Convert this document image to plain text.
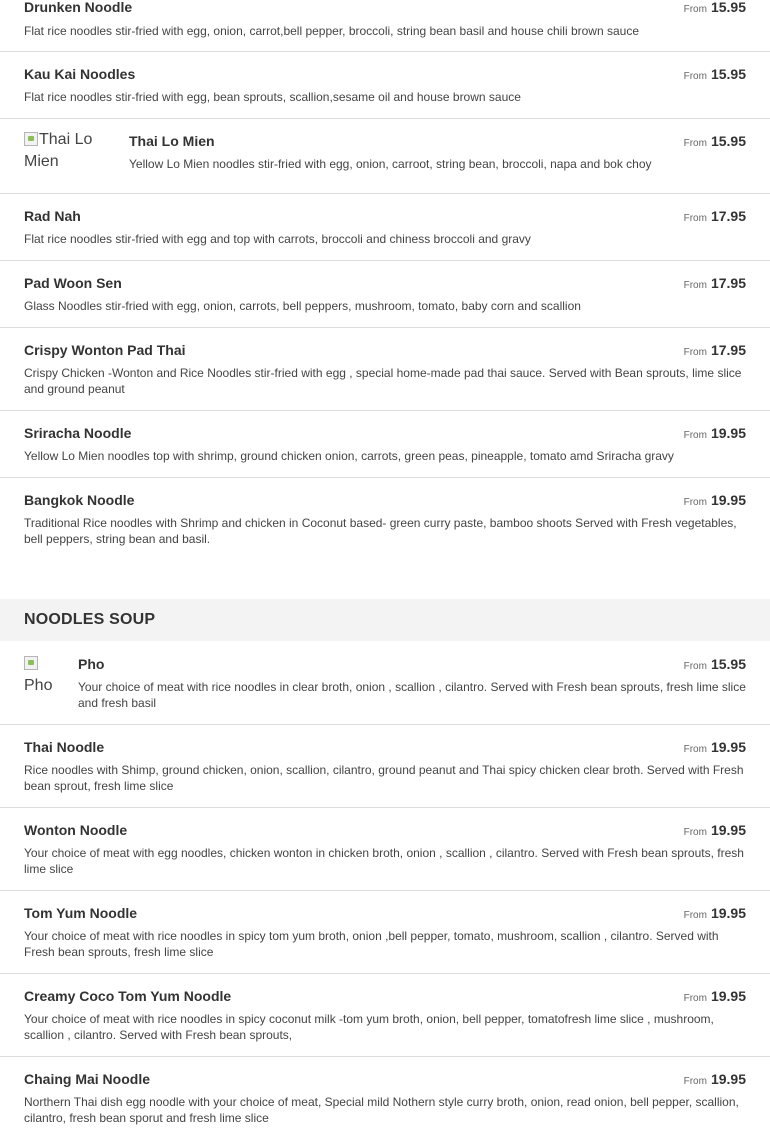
Drunken Noodle	From 15.95
Flat rice noodles stir-fried with egg, onion, carrot,bell pepper, broccoli, string bean basil and house chili brown sauce
Kau Kai Noodles	From 15.95
Flat rice noodles stir-fried with egg, bean sprouts, scallion,sesame oil and house brown sauce
Thai Lo Mien
Thai Lo Mien	From 15.95
Yellow Lo Mien noodles stir-fried with egg, onion, carroot, string bean, broccoli, napa and bok choy
Rad Nah	From 17.95
Flat rice noodles stir-fried with egg and top with carrots, broccoli and chiness broccoli and gravy
Pad Woon Sen	From 17.95
Glass Noodles stir-fried with egg, onion, carrots, bell peppers, mushroom, tomato, baby corn and scallion
Crispy Wonton Pad Thai	From 17.95
Crispy Chicken -Wonton and Rice Noodles stir-fried with egg , special home-made pad thai sauce. Served with Bean sprouts, lime slice and ground peanut
Sriracha Noodle	From 19.95
Yellow Lo Mien noodles top with shrimp, ground chicken onion, carrots, green peas, pineapple, tomato amd Sriracha gravy
Bangkok Noodle	From 19.95
Traditional Rice noodles with Shrimp and chicken in Coconut based- green curry paste, bamboo shoots Served with Fresh vegetables, bell peppers, string bean and basil.
NOODLES SOUP
Pho
Pho	From 15.95
Your choice of meat with rice noodles in clear broth, onion , scallion , cilantro. Served with Fresh bean sprouts, fresh lime slice and fresh basil
Thai Noodle	From 19.95
Rice noodles with Shimp, ground chicken, onion, scallion, cilantro, ground peanut and Thai spicy chicken clear broth. Served with Fresh bean sprout, fresh lime slice
Wonton Noodle	From 19.95
Your choice of meat with egg noodles, chicken wonton in chicken broth, onion , scallion , cilantro. Served with Fresh bean sprouts, fresh lime slice
Tom Yum Noodle	From 19.95
Your choice of meat with rice noodles in spicy tom yum broth, onion ,bell pepper, tomato, mushroom, scallion , cilantro. Served with Fresh bean sprouts, fresh lime slice
Creamy Coco Tom Yum Noodle	From 19.95
Your choice of meat with rice noodles in spicy coconut milk -tom yum broth, onion, bell pepper, tomatofresh lime slice , mushroom, scallion , cilantro. Served with Fresh bean sprouts,
Chaing Mai Noodle	From 19.95
Northern Thai dish egg noodle with your choice of meat, Special mild Nothern style curry broth, onion, read onion, bell pepper, scallion, cilantro, fresh bean sporut and fresh lime slice
